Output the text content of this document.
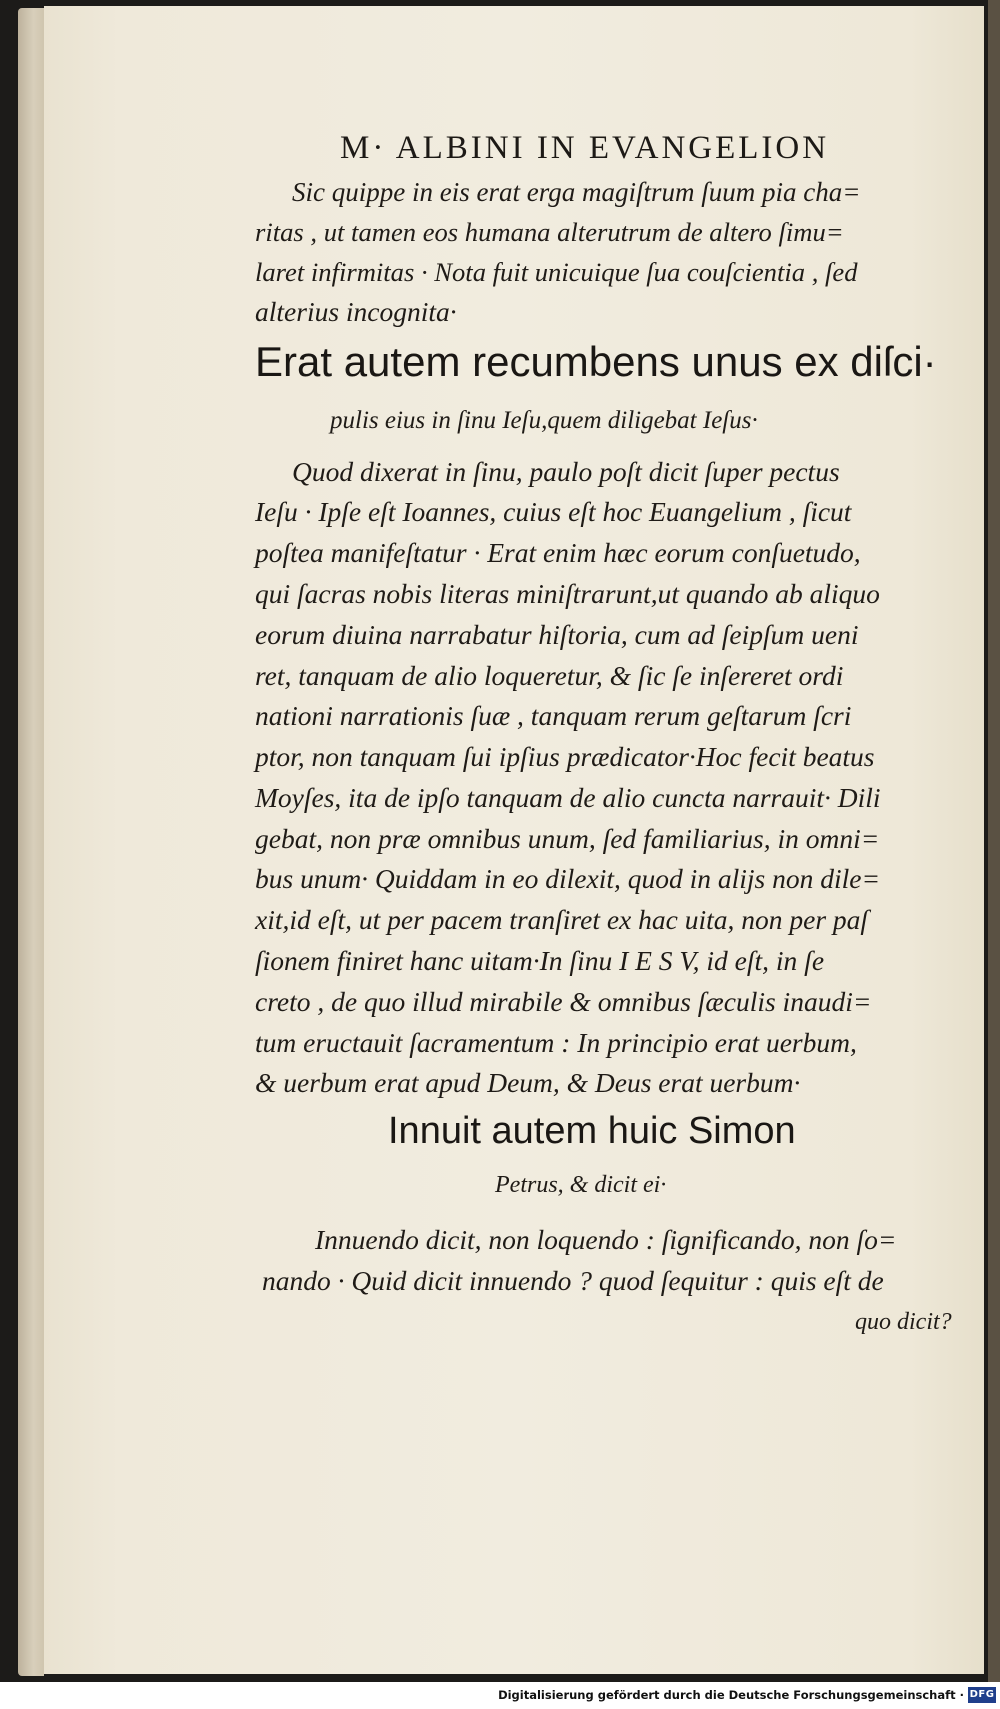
M· ALBINI IN EVANGELION
Sic quippe in eis erat erga magiſtrum ſuum pia cha=
ritas , ut tamen eos humana alterutrum de altero ſimu=
laret infirmitas · Nota fuit unicuique ſua couſcientia , ſed
alterius incognita·
Erat autem recumbens unus ex diſci·
pulis eius in ſinu Ieſu,quem diligebat Ieſus·
Quod dixerat in ſinu, paulo poſt dicit ſuper pectus
Ieſu · Ipſe eſt Ioannes, cuius eſt hoc Euangelium , ſicut
poſtea manifeſtatur · Erat enim hæc eorum conſuetudo,
qui ſacras nobis literas miniſtrarunt,ut quando ab aliquo
eorum diuina narrabatur hiſtoria, cum ad ſeipſum ueni
ret, tanquam de alio loqueretur, & ſic ſe inſereret ordi
nationi narrationis ſuæ , tanquam rerum geſtarum ſcri
ptor, non tanquam ſui ipſius prædicator·Hoc fecit beatus
Moyſes, ita de ipſo tanquam de alio cuncta narrauit· Dili
gebat, non præ omnibus unum, ſed familiarius, in omni=
bus unum· Quiddam in eo dilexit, quod in alijs non dile=
xit,id eſt, ut per pacem tranſiret ex hac uita, non per paſ
ſionem finiret hanc uitam·In ſinu I E S V, id eſt, in ſe
creto , de quo illud mirabile & omnibus ſæculis inaudi=
tum eructauit ſacramentum : In principio erat uerbum,
& uerbum erat apud Deum, & Deus erat uerbum·
Innuit autem huic Simon
Petrus, & dicit ei·
Innuendo dicit, non loquendo : ſignificando, non ſo=
nando · Quid dicit innuendo ? quod ſequitur : quis eſt de
quo dicit?
Digitalisierung gefördert durch die Deutsche Forschungsgemeinschaft · DFG
